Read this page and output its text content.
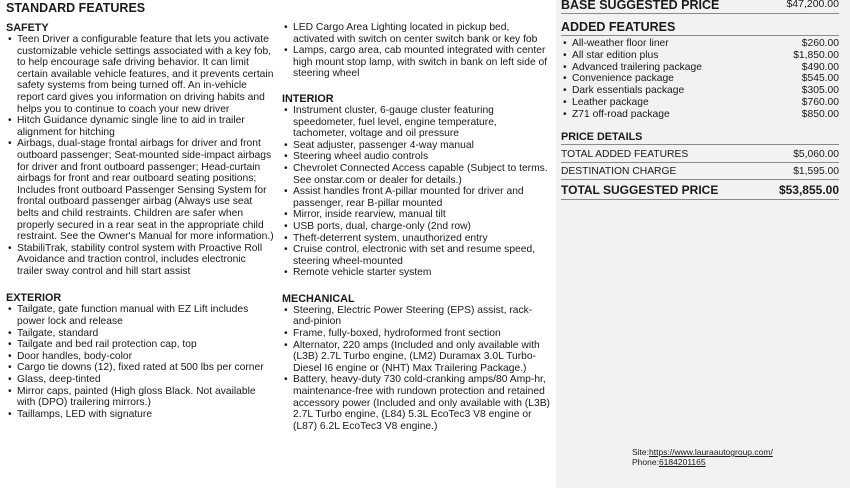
STANDARD FEATURES
SAFETY
• Teen Driver a configurable feature that lets you activate customizable vehicle settings associated with a key fob, to help encourage safe driving behavior. It can limit certain available vehicle features, and it prevents certain safety systems from being turned off. An in-vehicle report card gives you information on driving habits and helps you to continue to coach your new driver
• Hitch Guidance dynamic single line to aid in trailer alignment for hitching
• Airbags, dual-stage frontal airbags for driver and front outboard passenger; Seat-mounted side-impact airbags for driver and front outboard passenger; Head-curtain airbags for front and rear outboard seating positions; Includes front outboard Passenger Sensing System for frontal outboard passenger airbag (Always use seat belts and child restraints. Children are safer when properly secured in a rear seat in the appropriate child restraint. See the Owner's Manual for more information.)
• StabiliTrak, stability control system with Proactive Roll Avoidance and traction control, includes electronic trailer sway control and hill start assist
EXTERIOR
• Tailgate, gate function manual with EZ Lift includes power lock and release
• Tailgate, standard
• Tailgate and bed rail protection cap, top
• Door handles, body-color
• Cargo tie downs (12), fixed rated at 500 lbs per corner
• Glass, deep-tinted
• Mirror caps, painted (High gloss Black. Not available with (DPO) trailering mirrors.)
• Taillamps, LED with signature
• LED Cargo Area Lighting located in pickup bed, activated with switch on center switch bank or key fob
• Lamps, cargo area, cab mounted integrated with center high mount stop lamp, with switch in bank on left side of steering wheel
INTERIOR
• Instrument cluster, 6-gauge cluster featuring speedometer, fuel level, engine temperature, tachometer, voltage and oil pressure
• Seat adjuster, passenger 4-way manual
• Steering wheel audio controls
• Chevrolet Connected Access capable (Subject to terms. See onstar.com or dealer for details.)
• Assist handles front A-pillar mounted for driver and passenger, rear B-pillar mounted
• Mirror, inside rearview, manual tilt
• USB ports, dual, charge-only (2nd row)
• Theft-deterrent system, unauthorized entry
• Cruise control, electronic with set and resume speed, steering wheel-mounted
• Remote vehicle starter system
MECHANICAL
• Steering, Electric Power Steering (EPS) assist, rack-and-pinion
• Frame, fully-boxed, hydroformed front section
• Alternator, 220 amps (Included and only available with (L3B) 2.7L Turbo engine, (LM2) Duramax 3.0L Turbo-Diesel I6 engine or (NHT) Max Trailering Package.)
• Battery, heavy-duty 730 cold-cranking amps/80 Amp-hr, maintenance-free with rundown protection and retained accessory power (Included and only available with (L3B) 2.7L Turbo engine, (L84) 5.3L EcoTec3 V8 engine or (L87) 6.2L EcoTec3 V8 engine.)
BASE SUGGESTED PRICE	$47,200.00
ADDED FEATURES
• All-weather floor liner	$260.00
• All star edition plus	$1,850.00
• Advanced trailering package	$490.00
• Convenience package	$545.00
• Dark essentials package	$305.00
• Leather package	$760.00
• Z71 off-road package	$850.00
PRICE DETAILS
TOTAL ADDED FEATURES	$5,060.00
DESTINATION CHARGE	$1,595.00
TOTAL SUGGESTED PRICE	$53,855.00
Site:https://www.lauraautogroup.com/
Phone:6184201165
